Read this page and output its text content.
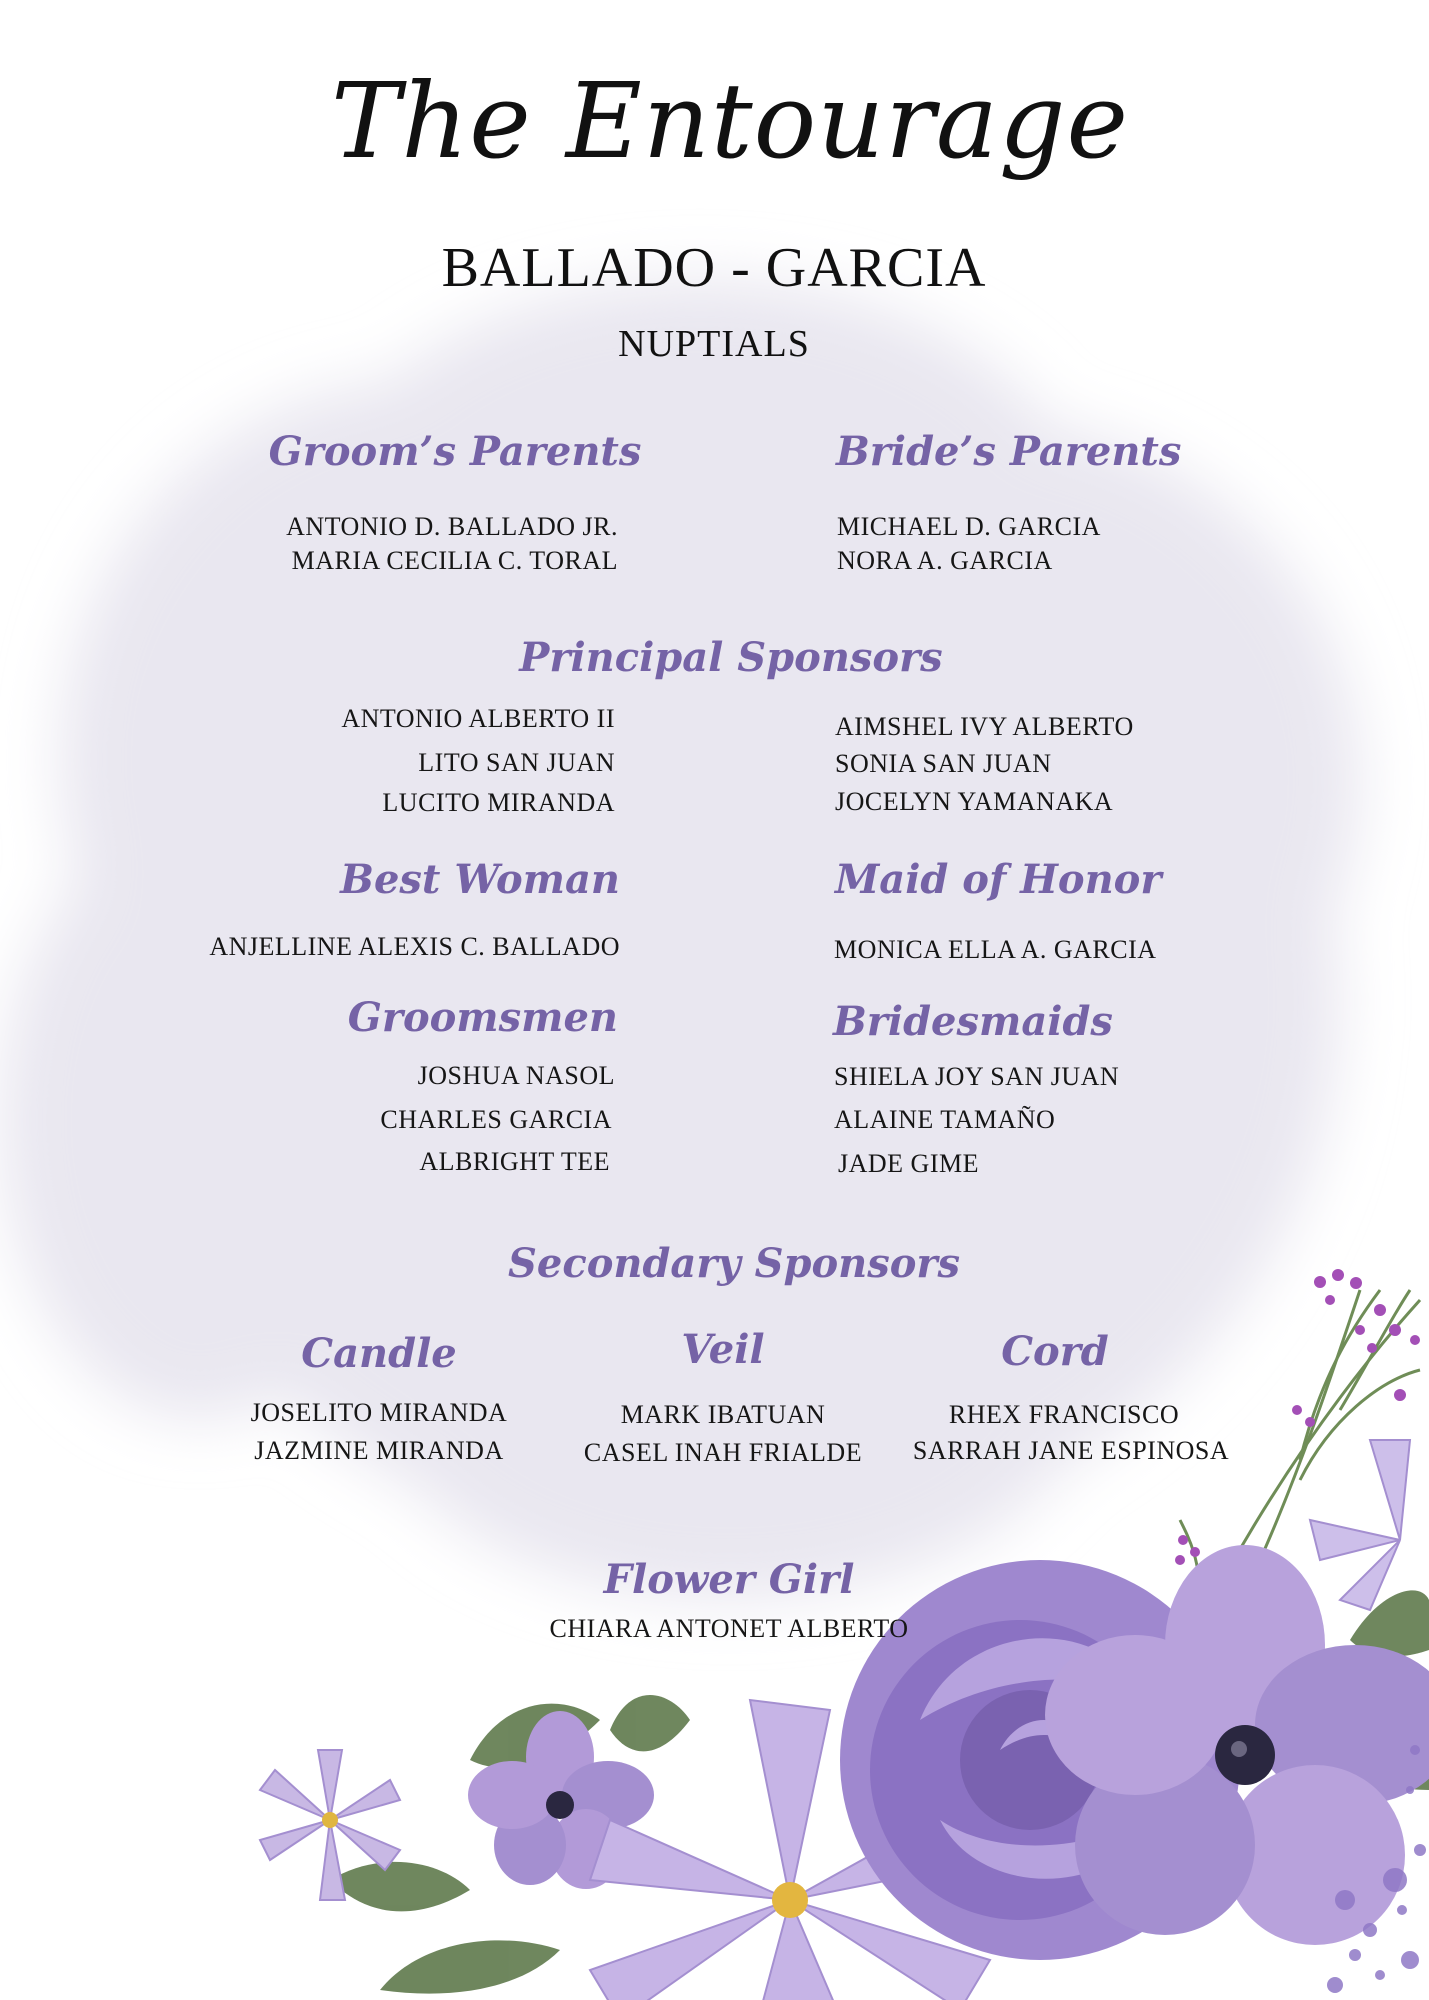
The Entourage
BALLADO - GARCIA
NUPTIALS
Groom’s Parents
ANTONIO D. BALLADO JR.
MARIA CECILIA C. TORAL
Bride’s Parents
MICHAEL D. GARCIA
NORA A. GARCIA
Principal Sponsors
ANTONIO ALBERTO II
LITO SAN JUAN
LUCITO MIRANDA
AIMSHEL IVY ALBERTO
SONIA SAN JUAN
JOCELYN YAMANAKA
Best Woman
ANJELLINE ALEXIS C. BALLADO
Maid of Honor
MONICA ELLA A. GARCIA
Groomsmen
JOSHUA NASOL
CHARLES GARCIA
ALBRIGHT TEE
Bridesmaids
SHIELA JOY SAN JUAN
ALAINE TAMAÑO
JADE GIME
Secondary Sponsors
Candle
JOSELITO MIRANDA
JAZMINE MIRANDA
Veil
MARK IBATUAN
CASEL INAH FRIALDE
Cord
RHEX FRANCISCO
SARRAH JANE ESPINOSA
Flower Girl
CHIARA ANTONET ALBERTO
